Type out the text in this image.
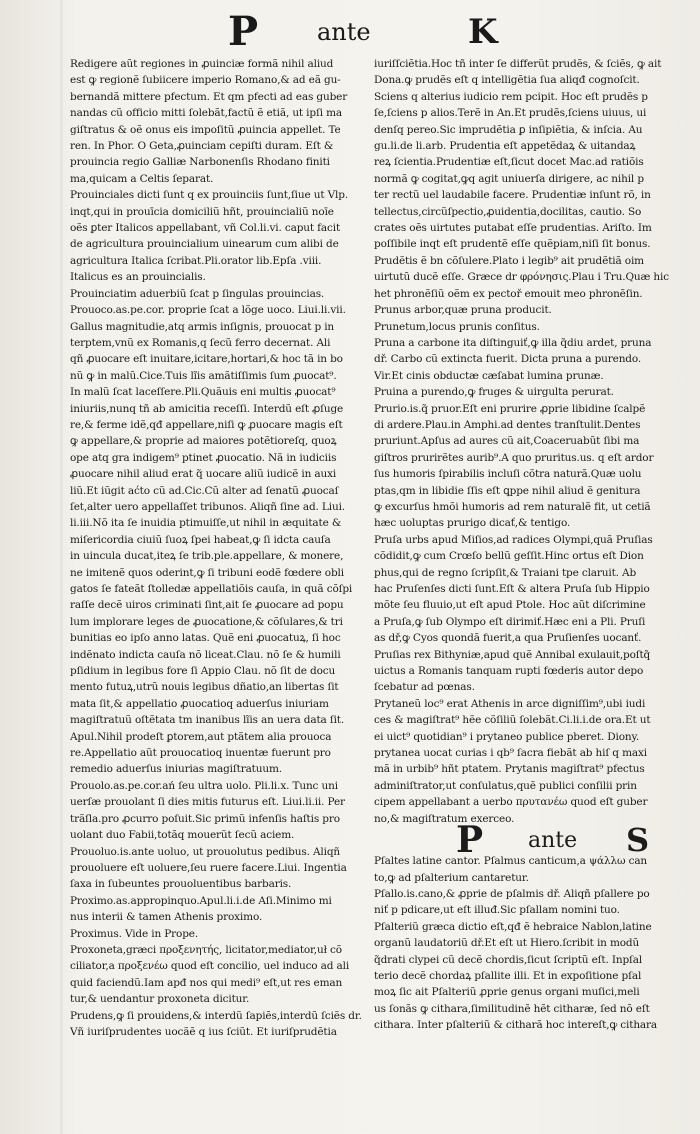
P ante	K
Redigere aũt regiones in ꝓuinciæ formã nihil aliud
est ꝙ regionẽ ſubiicere imperio Romano,& ad eã gu-
bernandã mittere pfectum. Et qm pfecti ad eas guber
nandas cũ officio mitti ſolebãt,factũ ẽ etiã, ut ipſi ma
giſtratus & oẽ onus eis impoſitũ ꝓuincia appellet. Te
ren. In Phor. O Geta,ꝓuinciam cepiſti duram. Eſt &
prouincia regio Galliæ Narbonenſis Rhodano finiti
ma,quicam a Celtis ſeparat.
Prouinciales dicti ſunt q ex prouinciis ſunt,ſiue ut Vlp.
inqt,qui in prouīcia domiciliũ hñt, prouincialiũ noīe
oẽs ꝑter Italicos appellabant, vñ Col.li.vi. caput facit
de agricultura prouincialium uinearum cum alibi de
agricultura Italica ſcribat.Pli.orator lib.Epſa .viii.
Italicus es an prouincialis.
Prouinciatim aduerbiũ ſcat p ſingulas prouincias.
Prouoco.as.pe.cor. proprie ſcat a lõge uoco. Liui.li.vii.
Gallus magnitudie,atq armis inſignis, prouocat p in
terptem,vnũ ex Romanis,q ſecũ ferro decernat. Ali
qñ ꝓuocare eſt inuitare,icitare,hortari,& hoc tã in bo
nũ ꝙ in malũ.Cice.Tuis lĩis amãtiſſimis ſum ꝓuocat⁹.
In malũ ſcat laceſſere.Pli.Quãuis eni multis ꝓuocat⁹
iniuriis,nunq tñ ab amicitia receſſi. Interdũ eſt ꝓſuge
re,& ferme idẽ,qđ appellare,niſi ꝙ ꝓuocare magis eſt
ꝙ appellare,& proprie ad maiores potẽtioreſq, quoꝝ
ope atq gra indigem⁹ ptinet ꝓuocatio. Nã in iudiciis
ꝓuocare nihil aliud erat q̃ uocare aliũ iudicẽ in auxi
liũ.Et iũgit aćto cũ ad.Cic.Cũ alter ad ſenatũ ꝓuocaſ
ſet,alter uero appellaſſet tribunos. Aliqñ ſine ad. Liui.
li.iii.Nõ ita ſe inuidia ptimuiſſe,ut nihil in æquitate &
miſericordia ciuiũ ſuoꝝ ſpei habeat,ꝙ ſi idcta cauſa
in uincula ducat,iteꝝ ſe trib.ple.appellare, & monere,
ne imitenẽ quos oderint,ꝙ ſi tribuni eodẽ fœdere obli
gatos ſe fateãt ſtolledæ appellatiõis cauſa, in quã cõſpi
raſſe decẽ uiros criminati ſint,ait ſe ꝓuocare ad popu
lum implorare leges de ꝓuocatione,& cõſulares,& tri
bunitias eo ipſo anno latas. Quẽ eni ꝓuocatuꝝ, ſi hoc
indẽnato indicta cauſa nõ liceat.Clau. nõ ſe & humili
pſidium in legibus fore ſi Appio Clau. nõ ſit de docu
mento futuꝝ,utrũ nouis legibus dñatio,an libertas ſit
mata ſit,& appellatio ꝓuocatioq aduerſus iniuriam
magiſtratuũ oſtẽtata tm inanibus lĩis an uera data ſit.
Apul.Nihil prodeſt ꝑtorem,aut ptãtem alia prouoca
re.Appellatio aũt prouocatioq inuentæ fuerunt pro
remedio aduerſus iniurias magiſtratuum.
Prouolo.as.pe.cor.ań ſeu ultra uolo. Pli.li.x. Tunc uni
uerſæ prouolant ſi dies mitis futurus eſt. Liui.li.ii. Per
trãſla.pro ꝓcurro poſuit.Sic primũ infenſis haſtis pro
uolant duo Fabii,totãq mouerũt ſecũ aciem.
Prouoluo.is.ante uoluo, ut prouolutus pedibus. Aliqñ
prouoluere eſt uoluere,ſeu ruere facere.Liui. Ingentia
ſaxa in ſubeuntes prouoluentibus barbaris.
Proximo.as.appropinquo.Apul.li.i.de Aſi.Minimo mi
nus interii & tamen Athenis proximo.
Proximus. Vide in Prope.
Proxoneta,græci προξενητής, licitator,mediator,uł cõ
ciliator,a προξενέω quod eſt concilio, uel induco ad ali
quid faciendũ.Iam apđ nos qui medi⁹ eſt,ut res eman
tur,& uendantur proxoneta dicitur.
Prudens,ꝙ ſi prouidens,& interdũ ſapiẽs,interdũ ſciẽs dr.
Vñ iuriſprudentes uocãẽ q ius ſciũt. Et iuriſprudẽtia
iuriſſciẽtia.Hoc tñ inter ſe differũt prudẽs, & ſciẽs, ꝙ ait
Dona.ꝙ prudẽs eſt q intelligẽtia ſua aliqđ cognoſcit.
Sciens q alterius iudicio rem pcipit. Hoc eſt prudẽs p
ſe,ſciens p alios.Terẽ in An.Et prudẽs,ſciens uiuus, ui
denſq pereo.Sic imprudẽtia ꝑ inſipiẽtia, & inſcia. Au
gu.li.de li.arb. Prudentia eſt appetẽdaꝝ & uitandaꝝ
reꝝ ſcientia.Prudentiæ eſt,ſicut docet Mac.ad ratiõis
normã ꝙ cogitat,ꝙq agit uniuerſa dirigere, ac nihil p
ter rectũ uel laudabile facere. Prudentiæ inſunt rõ, in
tellectus,circũſpectio,ꝓuidentia,docilitas, cautio. So
crates oẽs uirtutes putabat eſſe prudentias. Ariſto. Im
poſſibile inqt eſt prudentẽ eſſe quẽpiam,niſi ſit bonus.
Prudẽtis ẽ bn cõſulere.Plato i legib⁹ ait prudẽtiã oim
uirtutũ ducẽ eſſe. Græce dr φρόνησις.Plau i Tru.Quæ hic
het phronẽſiũ oẽm ex pectoř emouit meo phronẽſin.
Prunus arbor,quæ pruna producit.
Prunetum,locus prunis conſitus.
Pruna a carbone ita diſtinguiť,ꝙ illa q̃diu ardet, pruna
dř. Carbo cũ extincta fuerit. Dicta pruna a purendo.
Vir.Et cinis obductæ cæſabat lumina prunæ.
Pruina a purendo,ꝙ fruges & uirgulta perurat.
Prurio.is.q̃ pruor.Eſt eni prurire ꝓprie libidine ſcalpẽ
di ardere.Plau.in Amphi.ad dentes tranſtulit.Dentes
pruriunt.Apſus ad aures cũ ait,Coaceruabũt ſibi ma
giſtros prurirẽtes aurib⁹.A quo pruritus.us. q eſt ardor
ſus humoris ſpirabilis incluſi cõtra naturã.Quæ uolu
ptas,qm in libidie ſſis eſt ꝗppe nihil aliud ẽ genitura
ꝙ excurſus hmõi humoris ad rem naturalẽ fit, ut cetiã
hæc uoluptas prurigo dicať,& tentigo.
Pruſa urbs apud Miſios,ad radices Olympi,quã Pruſias
cõdidit,ꝙ cum Crœſo bellũ geſſit.Hinc ortus eſt Dion
phus,qui de regno ſcripſit,& Traiani tpe claruit. Ab
hac Pruſenſes dicti ſunt.Eſt & altera Pruſa ſub Hippio
mõte ſeu fluuio,ut eſt apud Ptole. Hoc aũt diſcrimine
a Pruſa,ꝙ ſub Olympo eſt dirimiť.Hæc eni a Pli. Pruſi
as dř,ꝙ Cyos quondã fuerit,a qua Pruſienſes uocanť.
Pruſias rex Bithyniæ,apud quẽ Annibal exulauit,poſtq̃
uictus a Romanis tanquam rupti fœderis autor depo
ſcebatur ad pœnas.
Prytaneũ loc⁹ erat Athenis in arce digniſſim⁹,ubi iudi
ces & magiſtrat⁹ hẽe cõſiliũ ſolebãt.Ci.li.i.de ora.Et ut
ei uict⁹ quotidian⁹ i prytaneo publice pberet. Diony.
prytanea uocat curias i qb⁹ ſacra fiebãt ab hiſ q maxi
mã in urbib⁹ hñt ptatem. Prytanis magiſtrat⁹ pfectus
adminiſtrator,ut conſulatus,quẽ publici conſilii prin
cipem appellabant a uerbo πρυτανέω quod eſt guber
no,& magiſtratum exerceo.
P ante S
Pſaltes latine cantor. Pſalmus canticum,a ψάλλω can
to,ꝙ ad pſalterium cantaretur.
Pſallo.is.cano,& ꝓprie de pſalmis dř. Aliqñ pſallere po
niť p pdicare,ut eſt illuđ.Sic pſallam nomini tuo.
Pſalteriũ græca dictio eſt,qđ ẽ hebraice Nablon,latine
organũ laudatoriũ dř.Et eſt ut Hiero.ſcribit in modũ
q̃drati clypei cũ decẽ chordis,ſicut ſcriptũ eſt. Inpſal
terio decẽ chordaꝝ pſallite illi. Et in expoſitione pſal
moꝝ ſic ait Pſalteriũ ꝓprie genus organi muſici,meli
us ſonãs ꝙ cithara,ſimilitudinẽ hẽt citharæ, ſed nõ eſt
cithara. Inter pſalteriũ & citharã hoc intereſt,ꝙ cithara
